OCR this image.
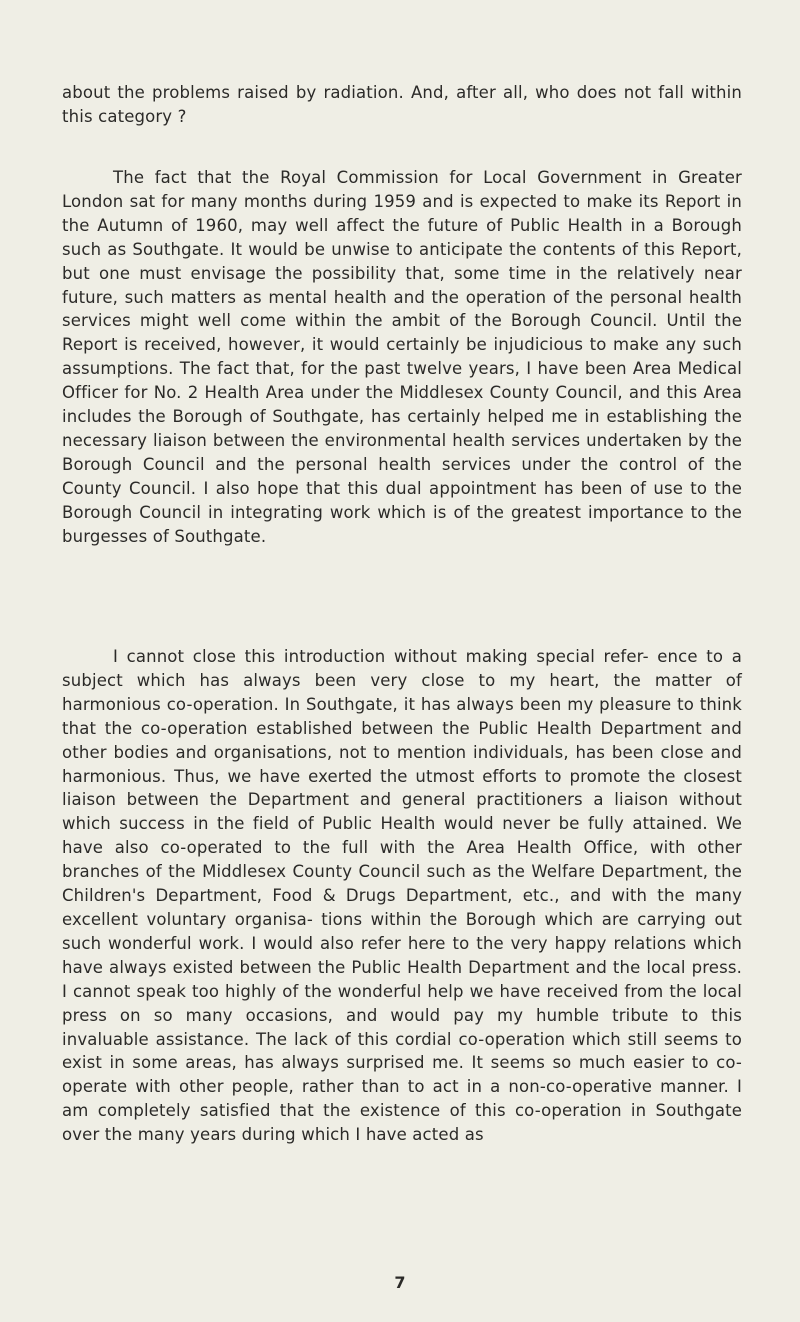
about the problems raised by radiation. And, after all, who does not fall within this category ?

The fact that the Royal Commission for Local Government in Greater London sat for many months during 1959 and is expected to make its Report in the Autumn of 1960, may well affect the future of Public Health in a Borough such as Southgate. It would be unwise to anticipate the contents of this Report, but one must envisage the possibility that, some time in the relatively near future, such matters as mental health and the operation of the personal health services might well come within the ambit of the Borough Council. Until the Report is received, however, it would certainly be injudicious to make any such assumptions. The fact that, for the past twelve years, I have been Area Medical Officer for No. 2 Health Area under the Middlesex County Council, and this Area includes the Borough of Southgate, has certainly helped me in establishing the necessary liaison between the environmental health services undertaken by the Borough Council and the personal health services under the control of the County Council. I also hope that this dual appointment has been of use to the Borough Council in integrating work which is of the greatest importance to the burgesses of Southgate.

I cannot close this introduction without making special refer- ence to a subject which has always been very close to my heart, the matter of harmonious co-operation. In Southgate, it has always been my pleasure to think that the co-operation established between the Public Health Department and other bodies and organisations, not to mention individuals, has been close and harmonious. Thus, we have exerted the utmost efforts to promote the closest liaison between the Department and general practitioners a liaison without which success in the field of Public Health would never be fully attained. We have also co-operated to the full with the Area Health Office, with other branches of the Middlesex County Council such as the Welfare Department, the Children's Department, Food & Drugs Department, etc., and with the many excellent voluntary organisa- tions within the Borough which are carrying out such wonderful work. I would also refer here to the very happy relations which have always existed between the Public Health Department and the local press. I cannot speak too highly of the wonderful help we have received from the local press on so many occasions, and would pay my humble tribute to this invaluable assistance. The lack of this cordial co-operation which still seems to exist in some areas, has always surprised me. It seems so much easier to co-operate with other people, rather than to act in a non-co-operative manner. I am completely satisfied that the existence of this co-operation in Southgate over the many years during which I have acted as

7
